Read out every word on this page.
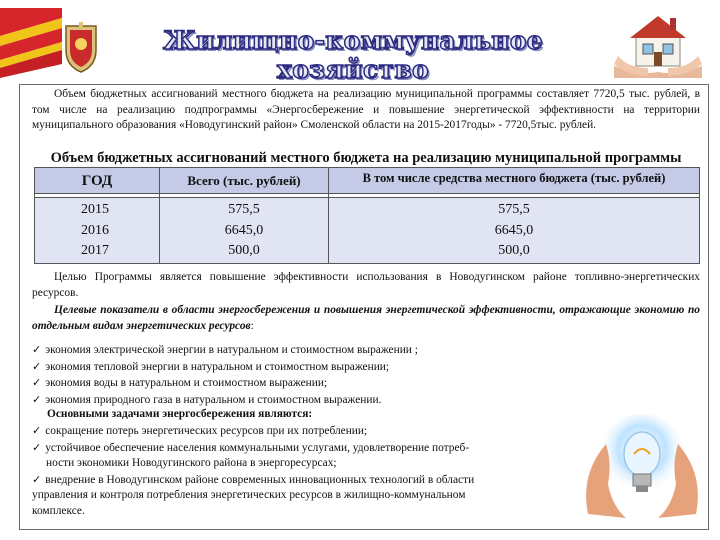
Жилищно-коммунальное хозяйство
Объем бюджетных ассигнований местного бюджета на реализацию муниципальной программы составляет 7720,5 тыс. рублей, в том числе на реализацию подпрограммы «Энергосбережение и повышение энергетической эффективности на территории муниципального образования «Новодугинский район» Смоленской области на 2015-2017годы» - 7720,5тыс. рублей.
Объем бюджетных ассигнований местного бюджета на реализацию муниципальной программы
ГОД	Всего (тыс. рублей)	В том числе средства местного бюджета (тыс. рублей)
2015
2016
2017
575,5
6645,0
500,0
575,5
6645,0
500,0
Целью Программы является повышение эффективности использования в Новодугинском районе топливно-энергетических ресурсов.
Целевые показатели в области энергосбережения и повышения энергетической эффективности, отражающие экономию по отдельным видам энергетических ресурсов:
✓ экономия электрической энергии в натуральном и стоимостном выражении ;
✓ экономия тепловой энергии в натуральном и стоимостном выражении;
✓ экономия воды в натуральном и стоимостном выражении;
✓ экономия природного газа в натуральном и стоимостном выражении.
Основными задачами энергосбережения являются:
✓ сокращение потерь энергетических ресурсов при их потреблении;
✓ устойчивое обеспечение населения коммунальными услугами, удовлетворение потреб-
ности экономики Новодугинского района в энергоресурсах;
✓ внедрение в Новодугинском районе современных инновационных технологий в области
управления и контроля потребления энергетических ресурсов в жилищно-коммунальном
комплексе.
